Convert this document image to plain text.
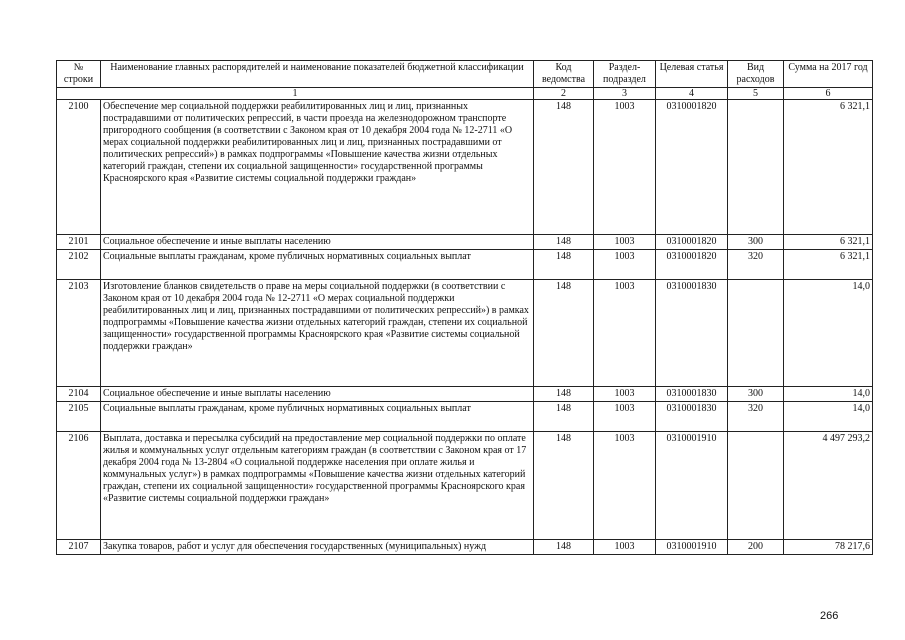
№ строки	Наименование главных распорядителей и наименование показателей бюджетной классификации	Код ведомства	Раздел-подраздел	Целевая статья	Вид расходов	Сумма на 2017 год
1		2	3	4	5	6
2100	Обеспечение мер социальной поддержки реабилитированных лиц и лиц, признанных пострадавшими от политических репрессий, в части проезда на железнодорожном транспорте пригородного сообщения (в соответствии с Законом края от 10 декабря 2004 года № 12-2711 «О мерах социальной поддержки реабилитированных лиц и лиц, признанных пострадавшими от политических репрессий») в рамках подпрограммы «Повышение качества жизни отдельных категорий граждан, степени их социальной защищенности» государственной программы Красноярского края «Развитие системы социальной поддержки граждан»	148	1003	0310001820		6 321,1
2101	Социальное обеспечение и иные выплаты населению	148	1003	0310001820	300	6 321,1
2102	Социальные выплаты гражданам, кроме публичных нормативных социальных выплат	148	1003	0310001820	320	6 321,1
2103	Изготовление бланков свидетельств о праве на меры социальной поддержки (в соответствии с Законом края от 10 декабря 2004 года № 12-2711 «О мерах социальной поддержки реабилитированных лиц и лиц, признанных пострадавшими от политических репрессий») в рамках подпрограммы «Повышение качества жизни отдельных категорий граждан, степени их социальной защищенности» государственной программы Красноярского края «Развитие системы социальной поддержки граждан»	148	1003	0310001830		14,0
2104	Социальное обеспечение и иные выплаты населению	148	1003	0310001830	300	14,0
2105	Социальные выплаты гражданам, кроме публичных нормативных социальных выплат	148	1003	0310001830	320	14,0
2106	Выплата, доставка и пересылка субсидий на предоставление мер социальной поддержки по оплате жилья и коммунальных услуг отдельным категориям граждан (в соответствии с Законом края от 17 декабря 2004 года № 13-2804 «О социальной поддержке населения при оплате жилья и коммунальных услуг») в рамках подпрограммы «Повышение качества жизни отдельных категорий граждан, степени их социальной защищенности» государственной программы Красноярского края «Развитие системы социальной поддержки граждан»	148	1003	0310001910		4 497 293,2
2107	Закупка товаров, работ и услуг для обеспечения государственных (муниципальных) нужд	148	1003	0310001910	200	78 217,6
266
